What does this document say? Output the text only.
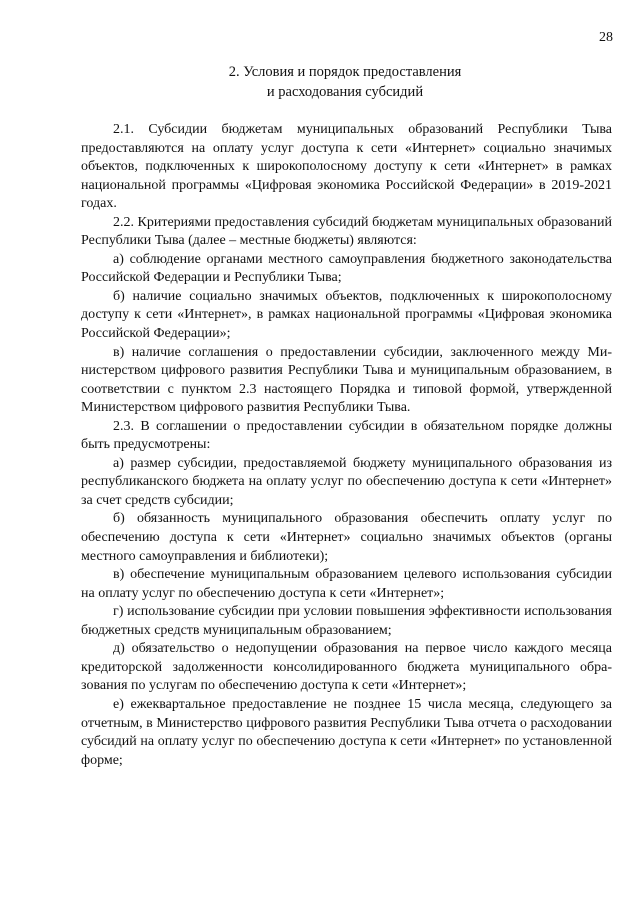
28
2. Условия и порядок предоставления
и расходования субсидий

2.1. Субсидии бюджетам муниципальных образований Республики Тыва предоставляются на оплату услуг доступа к сети «Интернет» социально значимых объектов, подключенных к широкополосному доступу к сети «Интернет» в рамках национальной программы «Цифровая экономика Российской Федерации» в 2019-2021 годах.

2.2. Критериями предоставления субсидий бюджетам муниципальных образований Республики Тыва (далее – местные бюджеты) являются:

а) соблюдение органами местного самоуправления бюджетного законодательства Российской Федерации и Республики Тыва;

б) наличие социально значимых объектов, подключенных к широкополосному доступу к сети «Интернет», в рамках национальной программы «Цифровая экономика Российской Федерации»;

в) наличие соглашения о предоставлении субсидии, заключенного между Министерством цифрового развития Республики Тыва и муниципальным образованием, в соответствии с пунктом 2.3 настоящего Порядка и типовой формой, утвержденной Министерством цифрового развития Республики Тыва.

2.3. В соглашении о предоставлении субсидии в обязательном порядке должны быть предусмотрены:

а) размер субсидии, предоставляемой бюджету муниципального образования из республиканского бюджета на оплату услуг по обеспечению доступа к сети «Интернет» за счет средств субсидии;

б) обязанность муниципального образования обеспечить оплату услуг по обеспечению доступа к сети «Интернет» социально значимых объектов (органы местного самоуправления и библиотеки);

в) обеспечение муниципальным образованием целевого использования субсидии на оплату услуг по обеспечению доступа к сети «Интернет»;

г) использование субсидии при условии повышения эффективности использования бюджетных средств муниципальным образованием;

д) обязательство о недопущении образования на первое число каждого месяца кредиторской задолженности консолидированного бюджета муниципального образования по услугам по обеспечению доступа к сети «Интернет»;

е) ежеквартальное предоставление не позднее 15 числа месяца, следующего за отчетным, в Министерство цифрового развития Республики Тыва отчета о расходовании субсидий на оплату услуг по обеспечению доступа к сети «Интернет» по установленной форме;
